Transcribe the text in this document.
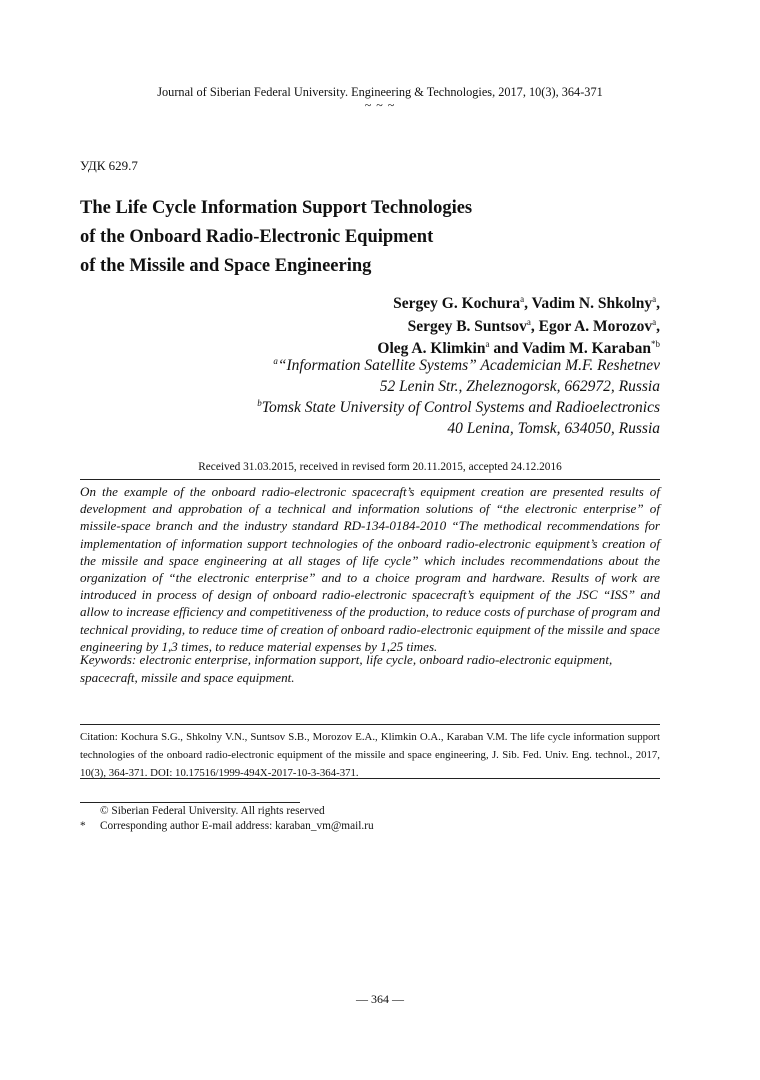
Journal of Siberian Federal University. Engineering & Technologies, 2017, 10(3), 364-371
~ ~ ~
УДК 629.7
The Life Cycle Information Support Technologies
of the Onboard Radio-Electronic Equipment
of the Missile and Space Engineering
Sergey G. Kochura$^a$, Vadim N. Shkolny$^a$,
Sergey B. Suntsov$^a$, Egor A. Morozov$^a$,
Oleg A. Klimkin$^a$ and Vadim M. Karaban$^{*b}$
$^a$“Information Satellite Systems” Academician M.F. Reshetnev
52 Lenin Str., Zheleznogorsk, 662972, Russia
$^b$Tomsk State University of Control Systems and Radioelectronics
40 Lenina, Tomsk, 634050, Russia
Received 31.03.2015, received in revised form 20.11.2015, accepted 24.12.2016
On the example of the onboard radio-electronic spacecraft’s equipment creation are presented results of development and approbation of a technical and information solutions of “the electronic enterprise” of missile-space branch and the industry standard RD-134-0184-2010 “The methodical recommendations for implementation of information support technologies of the onboard radio-electronic equipment’s creation of the missile and space engineering at all stages of life cycle” which includes recommendations about the organization of “the electronic enterprise” and to a choice program and hardware. Results of work are introduced in process of design of onboard radio-electronic spacecraft’s equipment of the JSC “ISS” and allow to increase efficiency and competitiveness of the production, to reduce costs of purchase of program and technical providing, to reduce time of creation of onboard radio-electronic equipment of the missile and space engineering by 1,3 times, to reduce material expenses by 1,25 times.
Keywords: electronic enterprise, information support, life cycle, onboard radio-electronic equipment, spacecraft, missile and space equipment.
Citation: Kochura S.G., Shkolny V.N., Suntsov S.B., Morozov E.A., Klimkin O.A., Karaban V.M. The life cycle information support technologies of the onboard radio-electronic equipment of the missile and space engineering, J. Sib. Fed. Univ. Eng. technol., 2017, 10(3), 364-371. DOI: 10.17516/1999-494X-2017-10-3-364-371.
© Siberian Federal University. All rights reserved
* Corresponding author E-mail address: karaban_vm@mail.ru
— 364 —
